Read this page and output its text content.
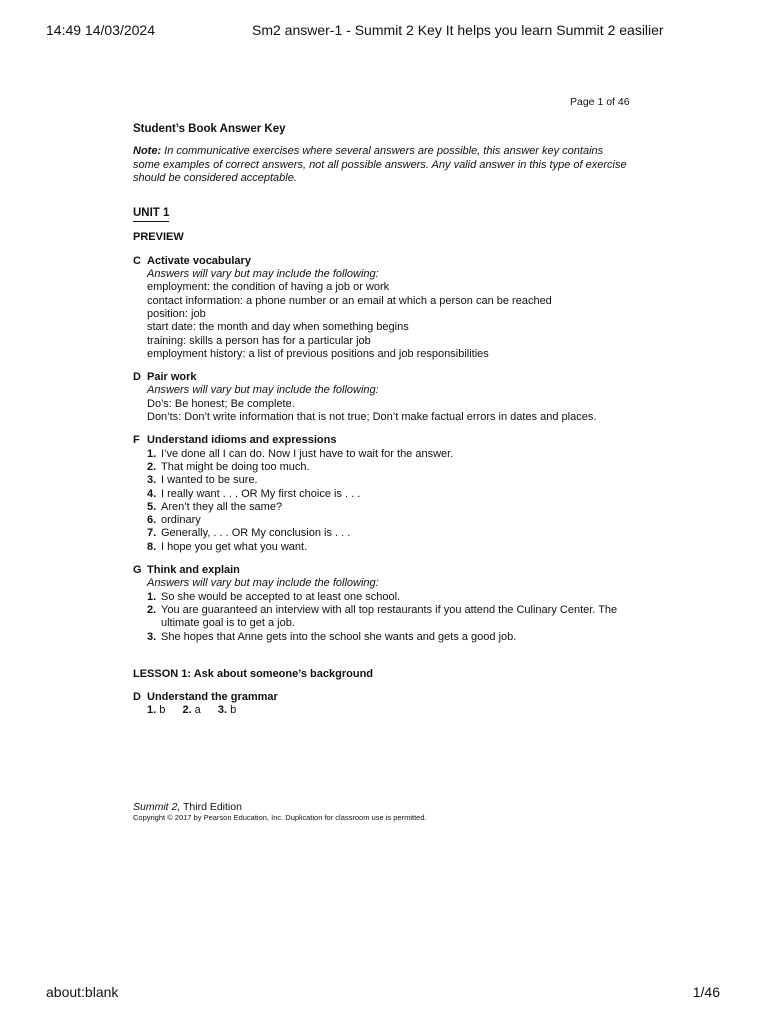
14:49 14/03/2024	Sm2 answer-1 - Summit 2 Key It helps you learn Summit 2 easilier
Page 1 of 46
Student’s Book Answer Key

Note: In communicative exercises where several answers are possible, this answer key contains some examples of correct answers, not all possible answers. Any valid answer in this type of exercise should be considered acceptable.

UNIT 1
PREVIEW
C Activate vocabulary
Answers will vary but may include the following:
employment: the condition of having a job or work
contact information: a phone number or an email at which a person can be reached
position: job
start date: the month and day when something begins
training: skills a person has for a particular job
employment history: a list of previous positions and job responsibilities
D Pair work
Answers will vary but may include the following:
Do’s: Be honest; Be complete.
Don’ts: Don’t write information that is not true; Don’t make factual errors in dates and places.
F Understand idioms and expressions
1. I’ve done all I can do. Now I just have to wait for the answer.
2. That might be doing too much.
3. I wanted to be sure.
4. I really want . . . OR My first choice is . . .
5. Aren’t they all the same?
6. ordinary
7. Generally, . . . OR My conclusion is . . .
8. I hope you get what you want.
G Think and explain
Answers will vary but may include the following:
1. So she would be accepted to at least one school.
2. You are guaranteed an interview with all top restaurants if you attend the Culinary Center. The ultimate goal is to get a job.
3. She hopes that Anne gets into the school she wants and gets a good job.
LESSON 1: Ask about someone’s background
D Understand the grammar
1. b 2. a 3. b
Summit 2, Third Edition
Copyright © 2017 by Pearson Education, Inc. Duplication for classroom use is permitted.
about:blank	1/46
